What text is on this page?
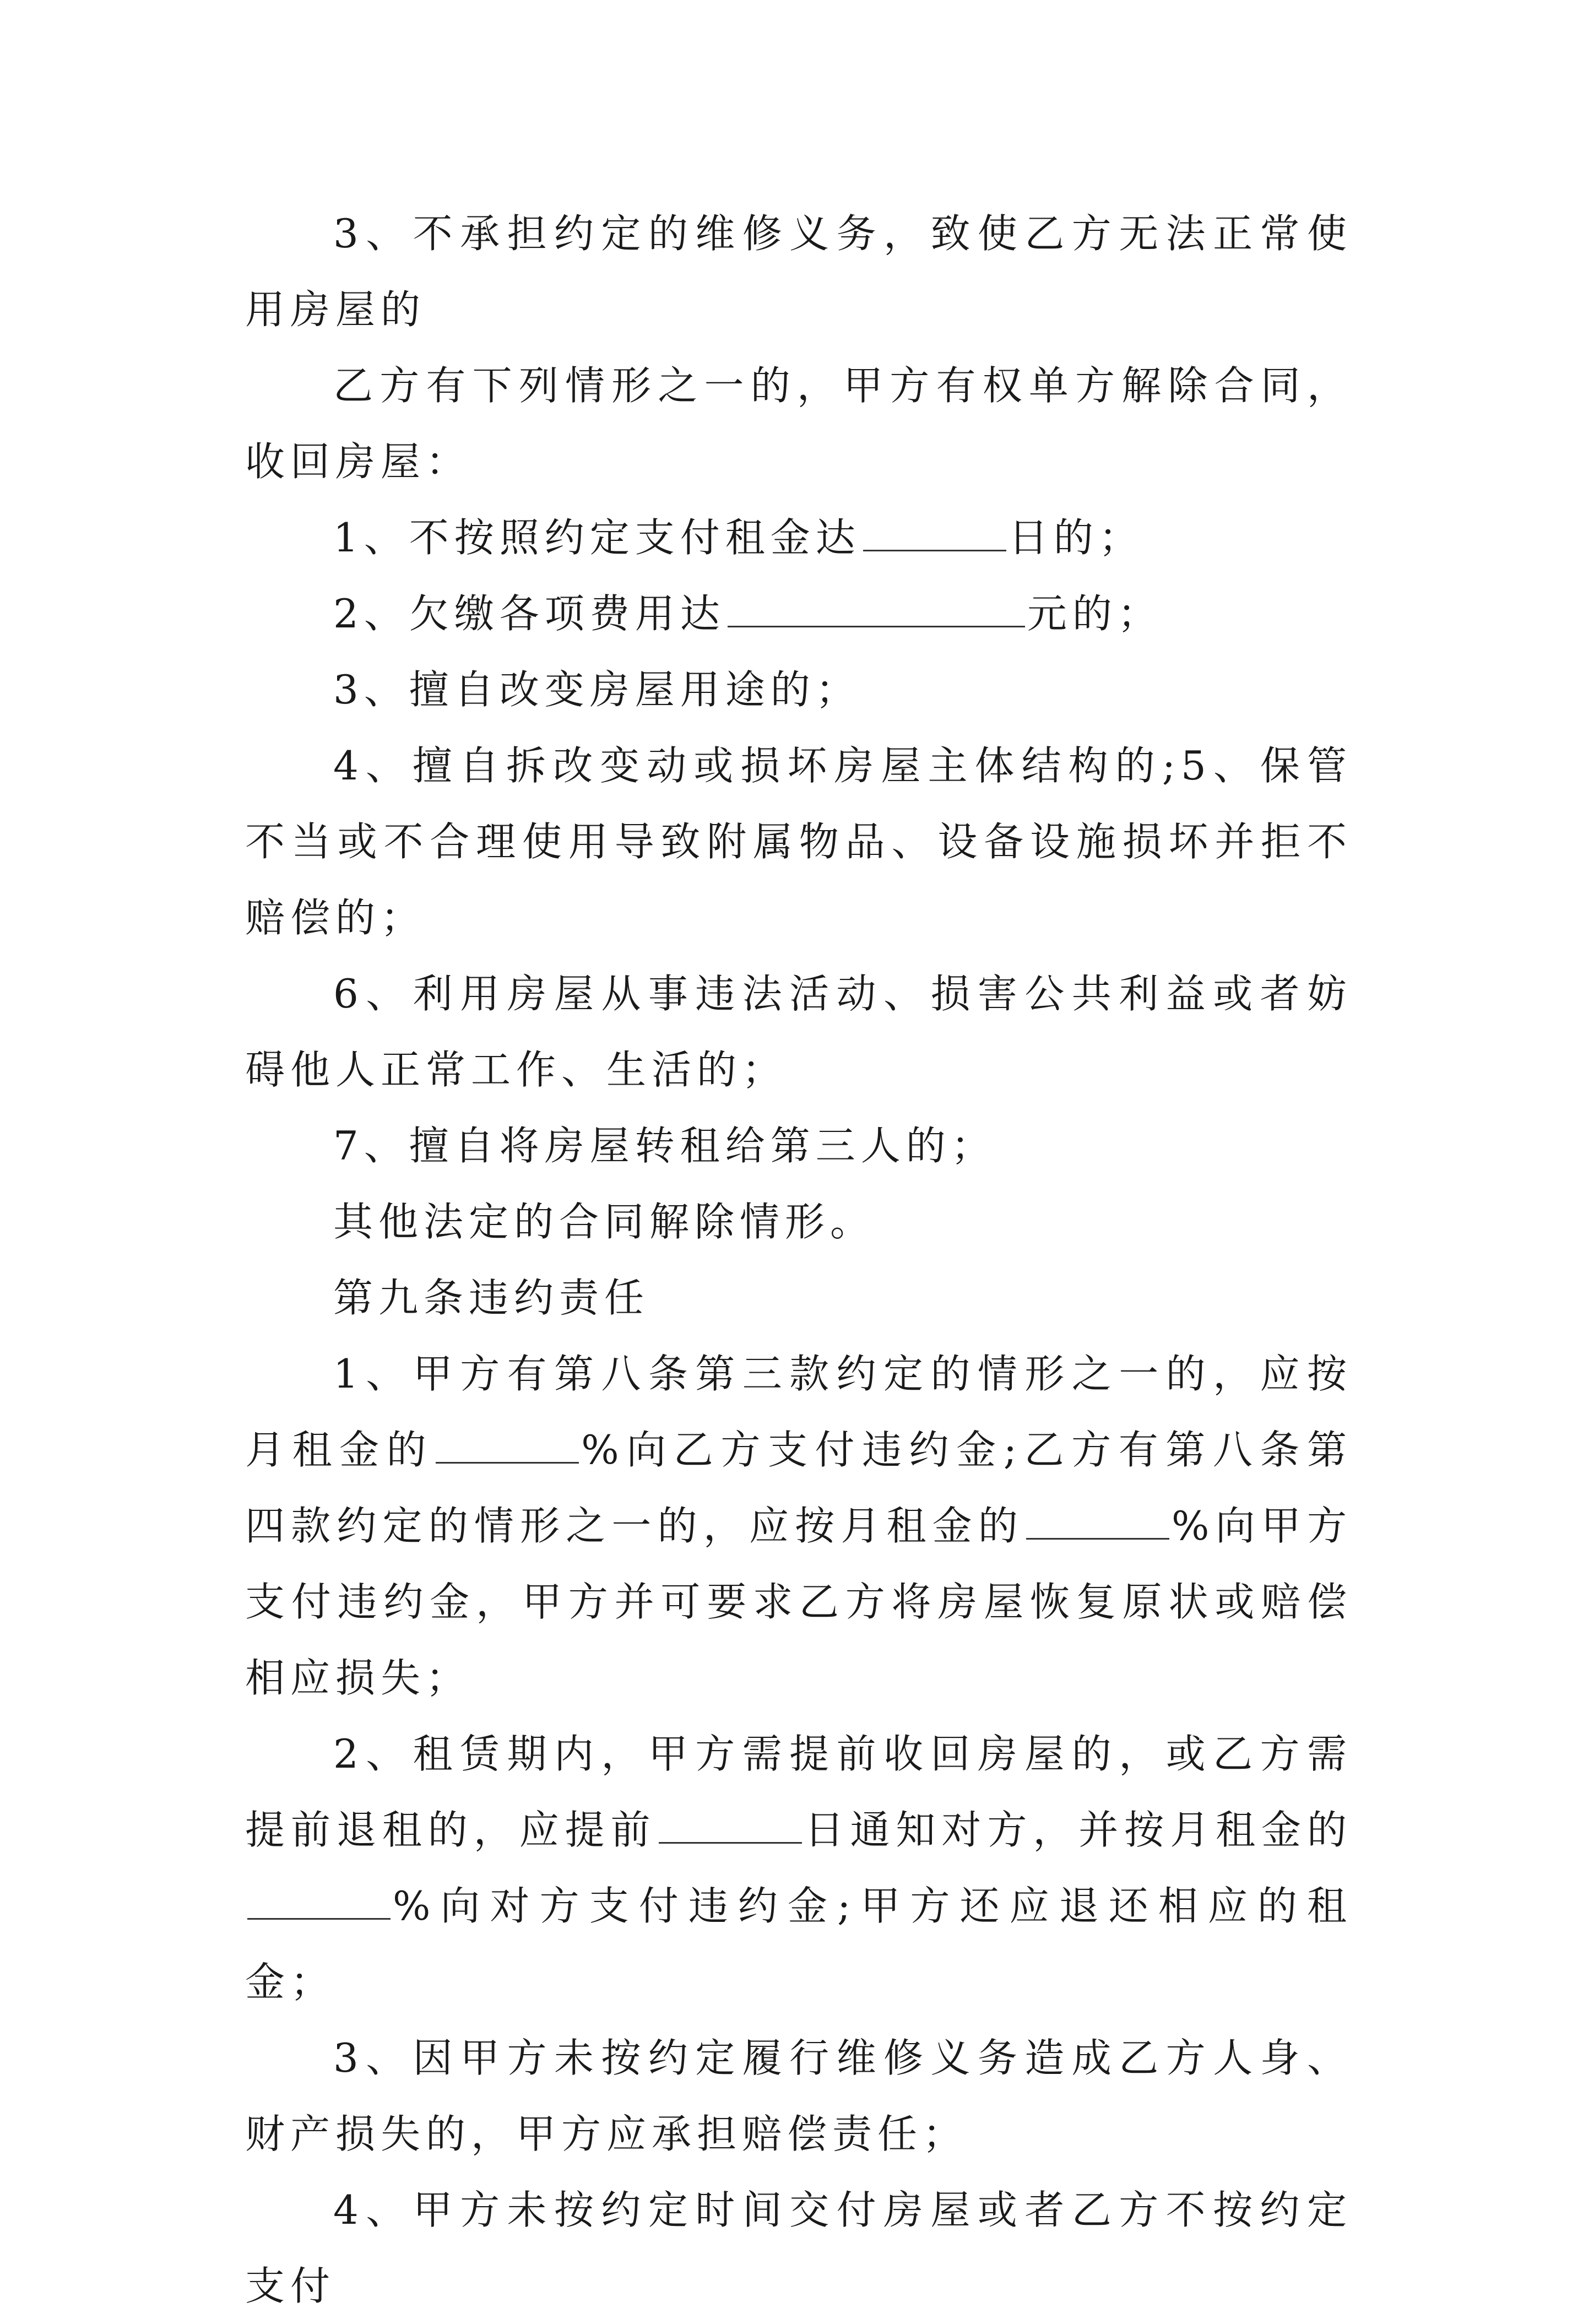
3、不承担约定的维修义务，致使乙方无法正常使用房屋的

乙方有下列情形之一的，甲方有权单方解除合同，收回房屋：

1、不按照约定支付租金达	日的；

2、欠缴各项费用达	元的；

3、擅自改变房屋用途的；

4、擅自拆改变动或损坏房屋主体结构的;5、保管不当或不合理使用导致附属物品、设备设施损坏并拒不赔偿的；

6、利用房屋从事违法活动、损害公共利益或者妨碍他人正常工作、生活的；

7、擅自将房屋转租给第三人的；

其他法定的合同解除情形。

第九条违约责任

1、甲方有第八条第三款约定的情形之一的，应按月租金的	%向乙方支付违约金;乙方有第八条第四款约定的情形之一的，应按月租金的	%向甲方支付违约金，甲方并可要求乙方将房屋恢复原状或赔偿相应损失；

2、租赁期内，甲方需提前收回房屋的，或乙方需提前退租的，应提前	日通知对方，并按月租金的%向对方支付违约金;甲方还应退还相应的租金；

3、因甲方未按约定履行维修义务造成乙方人身、财产损失的，甲方应承担赔偿责任；

4、甲方未按约定时间交付房屋或者乙方不按约定支付
